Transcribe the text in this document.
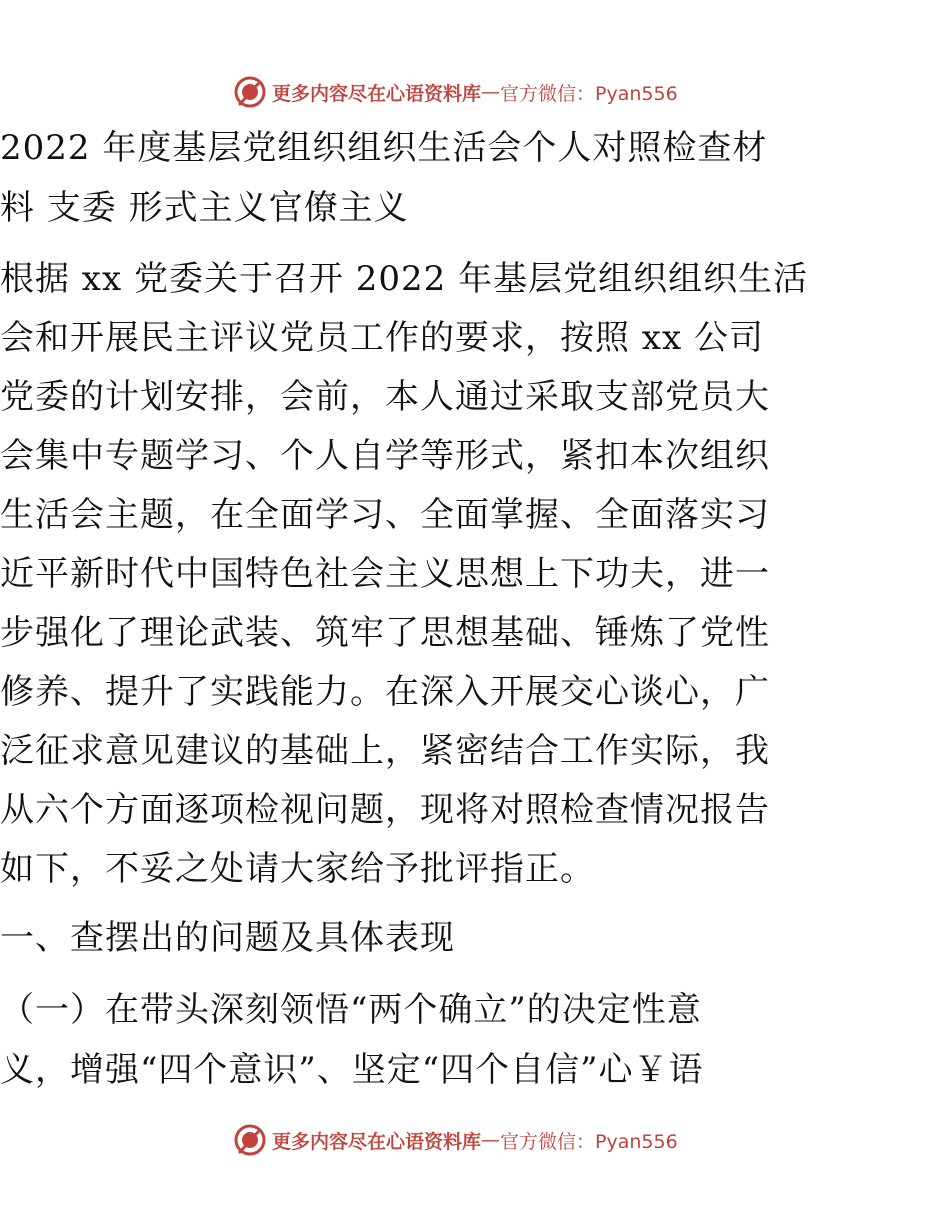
更多内容尽在心语资料库 — 官方微信：Pyan556
2022 年度基层党组织组织生活会个人对照检查材
料 支委 形式主义官僚主义
根据 xx 党委关于召开 2022 年基层党组织组织生活
会和开展民主评议党员工作的要求，按照 xx 公司
党委的计划安排，会前，本人通过采取支部党员大
会集中专题学习、个人自学等形式，紧扣本次组织
生活会主题，在全面学习、全面掌握、全面落实习
近平新时代中国特色社会主义思想上下功夫，进一
步强化了理论武装、筑牢了思想基础、锤炼了党性
修养、提升了实践能力。在深入开展交心谈心，广
泛征求意见建议的基础上，紧密结合工作实际，我
从六个方面逐项检视问题，现将对照检查情况报告
如下，不妥之处请大家给予批评指正。
一、查摆出的问题及具体表现
（一）在带头深刻领悟“两个确立”的决定性意
义，增强“四个意识”、坚定“四个自信”心￥语
更多内容尽在心语资料库 — 官方微信：Pyan556
